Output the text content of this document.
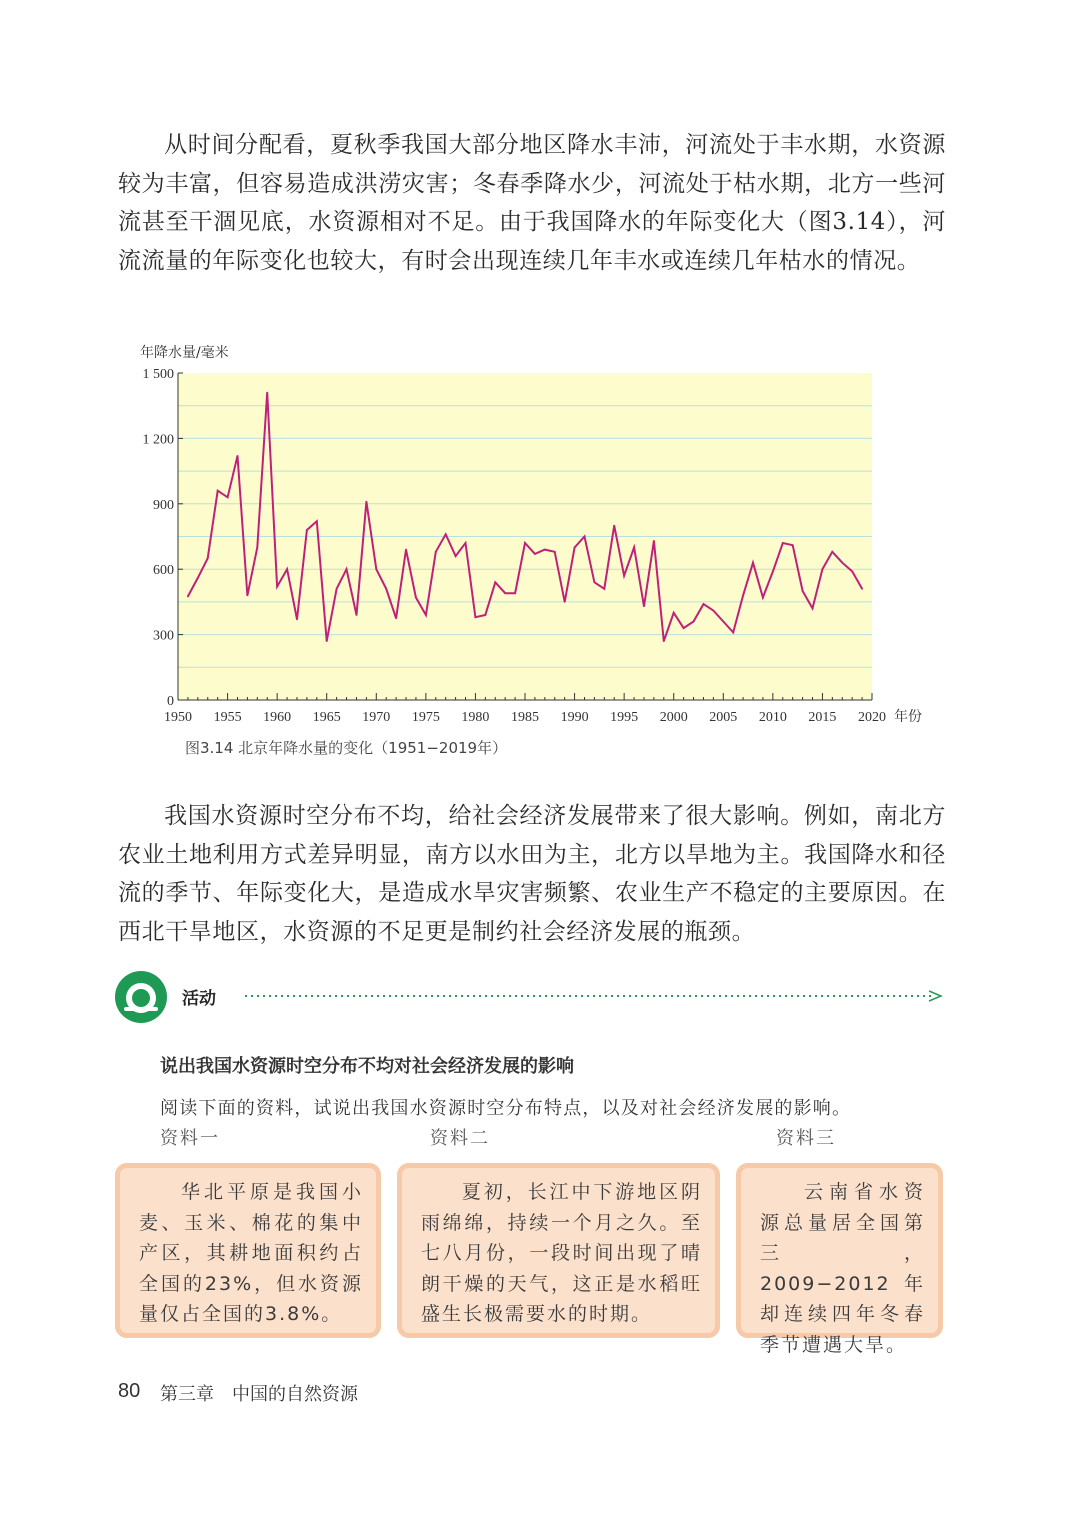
从时间分配看，夏秋季我国大部分地区降水丰沛，河流处于丰水期，水资源较为丰富，但容易造成洪涝灾害；冬春季降水少，河流处于枯水期，北方一些河流甚至干涸见底，水资源相对不足。由于我国降水的年际变化大（图3.14），河流流量的年际变化也较大，有时会出现连续几年丰水或连续几年枯水的情况。

0
300
600
900
1 200
1 500
1950 1955 1960 1965 1970 1975 1980 1985 1990 1995 2000 2005 2010 2015 2020
年降水量/毫米
年份
图3.14 北京年降水量的变化（1951−2019年）

我国水资源时空分布不均，给社会经济发展带来了很大影响。例如，南北方农业土地利用方式差异明显，南方以水田为主，北方以旱地为主。我国降水和径流的季节、年际变化大，是造成水旱灾害频繁、农业生产不稳定的主要原因。在西北干旱地区，水资源的不足更是制约社会经济发展的瓶颈。

活动
说出我国水资源时空分布不均对社会经济发展的影响
阅读下面的资料，试说出我国水资源时空分布特点，以及对社会经济发展的影响。
资料一	资料二	资料三
华北平原是我国小麦、玉米、棉花的集中产区，其耕地面积约占全国的23%，但水资源量仅占全国的3.8%。
夏初，长江中下游地区阴雨绵绵，持续一个月之久。至七八月份，一段时间出现了晴朗干燥的天气，这正是水稻旺盛生长极需要水的时期。
云南省水资源总量居全国第三，2009−2012年却连续四年冬春季节遭遇大旱。
80 第三章　中国的自然资源
